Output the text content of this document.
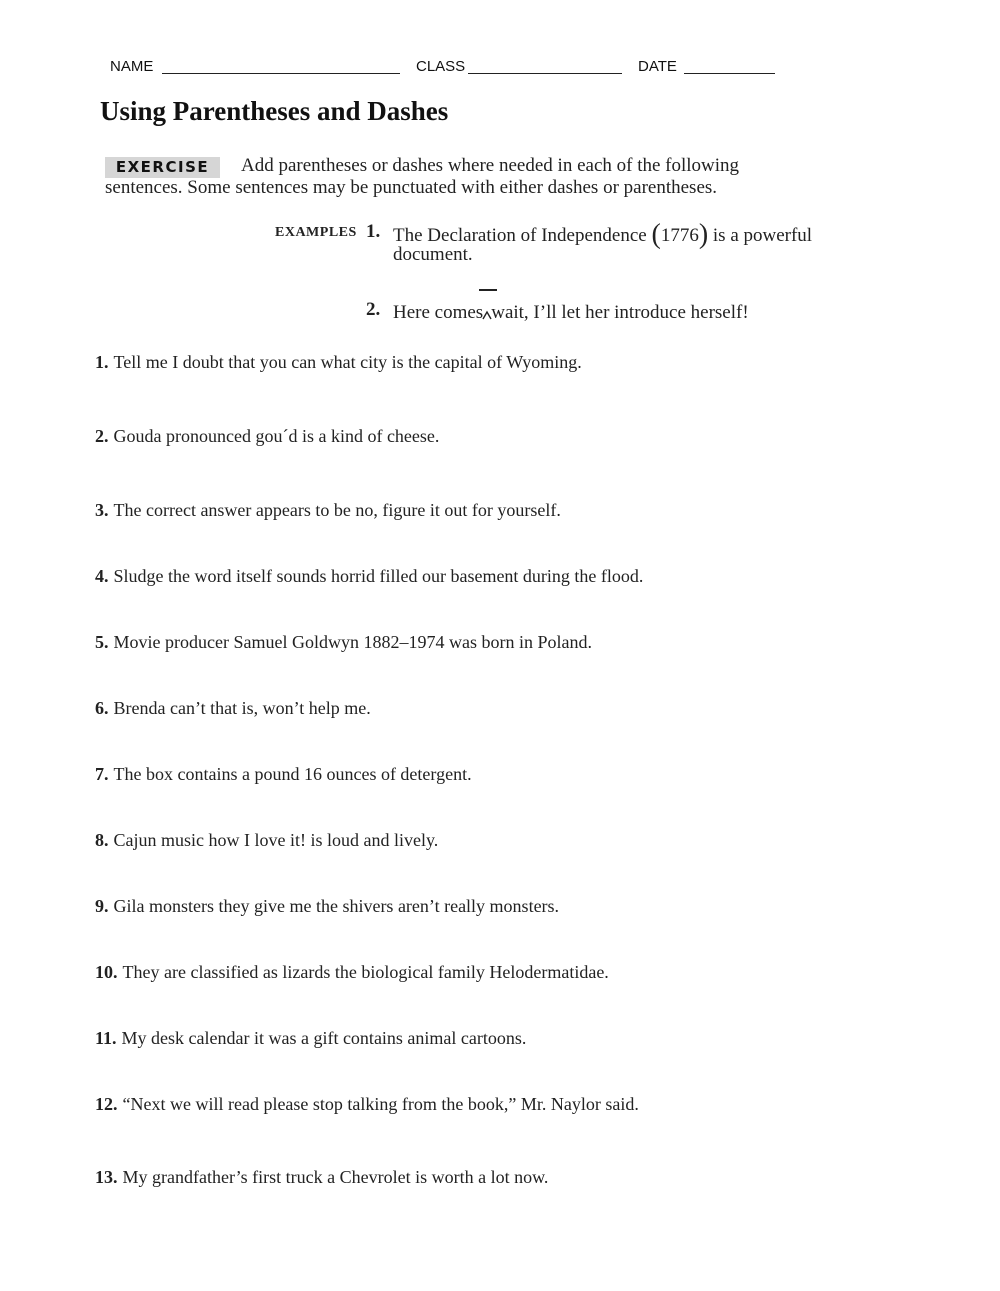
NAME	CLASS	DATE
Using Parentheses and Dashes
EXERCISE	Add parentheses or dashes where needed in each of the following
sentences. Some sentences may be punctuated with either dashes or parentheses.
EXAMPLES 1. The Declaration of Independence (1776) is a powerful
document.
2. Here comes wait, I’ll let her introduce herself!
1. Tell me I doubt that you can what city is the capital of Wyoming.
2. Gouda pronounced gou´d is a kind of cheese.
3. The correct answer appears to be no, figure it out for yourself.
4. Sludge the word itself sounds horrid filled our basement during the flood.
5. Movie producer Samuel Goldwyn 1882–1974 was born in Poland.
6. Brenda can’t that is, won’t help me.
7. The box contains a pound 16 ounces of detergent.
8. Cajun music how I love it! is loud and lively.
9. Gila monsters they give me the shivers aren’t really monsters.
10. They are classified as lizards the biological family Helodermatidae.
11. My desk calendar it was a gift contains animal cartoons.
12. “Next we will read please stop talking from the book,” Mr. Naylor said.
13. My grandfather’s first truck a Chevrolet is worth a lot now.
